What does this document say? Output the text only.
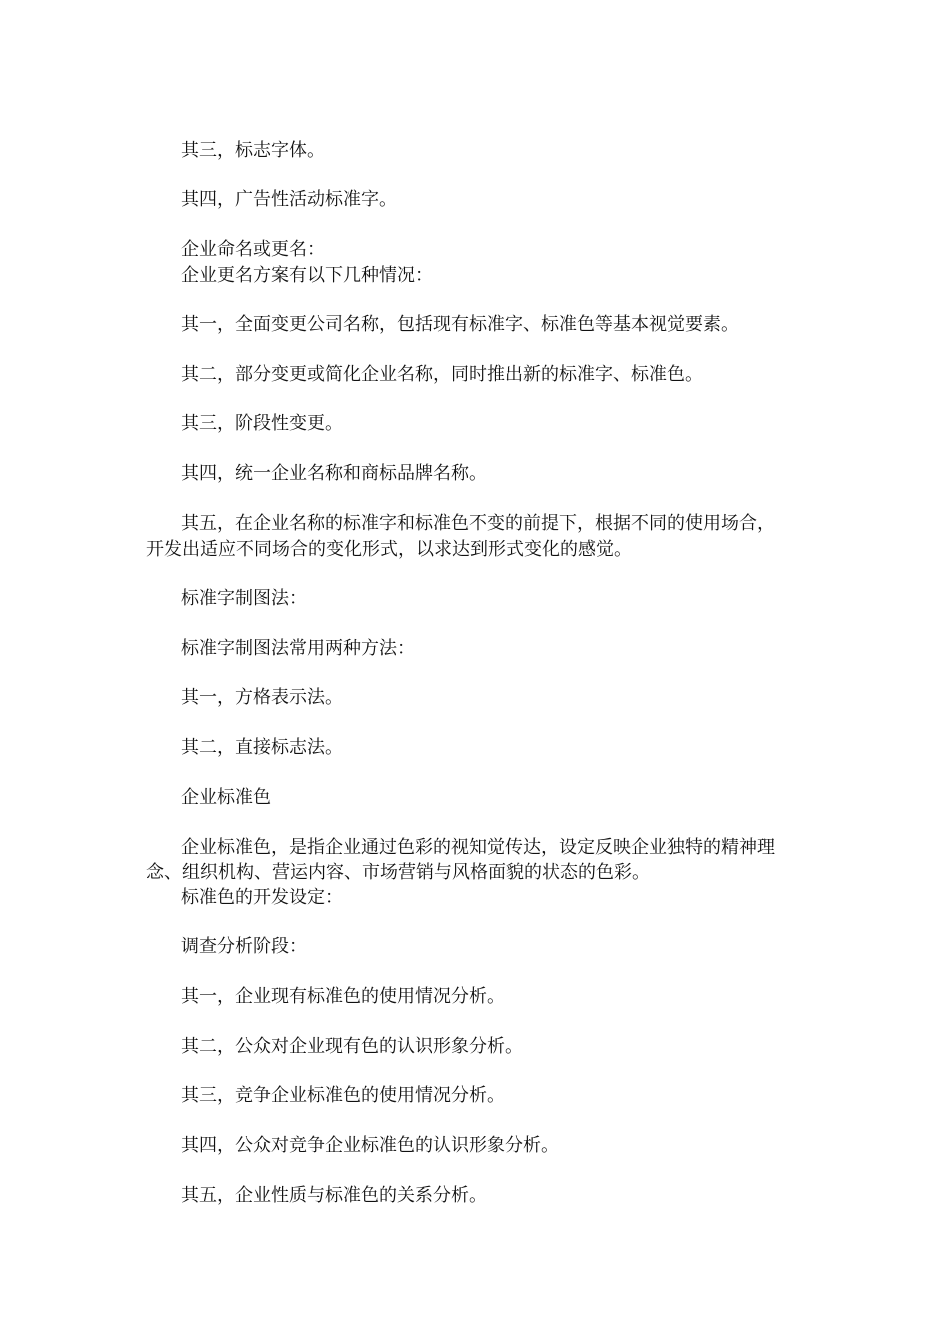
其三，标志字体。
其四，广告性活动标准字。
企业命名或更名：
企业更名方案有以下几种情况：
其一，全面变更公司名称，包括现有标准字、标准色等基本视觉要素。
其二，部分变更或简化企业名称，同时推出新的标准字、标准色。
其三，阶段性变更。
其四，统一企业名称和商标品牌名称。
其五，在企业名称的标准字和标准色不变的前提下，根据不同的使用场合，
开发出适应不同场合的变化形式，以求达到形式变化的感觉。
标准字制图法：
标准字制图法常用两种方法：
其一，方格表示法。
其二，直接标志法。
企业标准色
企业标准色，是指企业通过色彩的视知觉传达，设定反映企业独特的精神理
念、组织机构、营运内容、市场营销与风格面貌的状态的色彩。
标准色的开发设定：
调查分析阶段：
其一，企业现有标准色的使用情况分析。
其二，公众对企业现有色的认识形象分析。
其三，竞争企业标准色的使用情况分析。
其四，公众对竞争企业标准色的认识形象分析。
其五，企业性质与标准色的关系分析。
